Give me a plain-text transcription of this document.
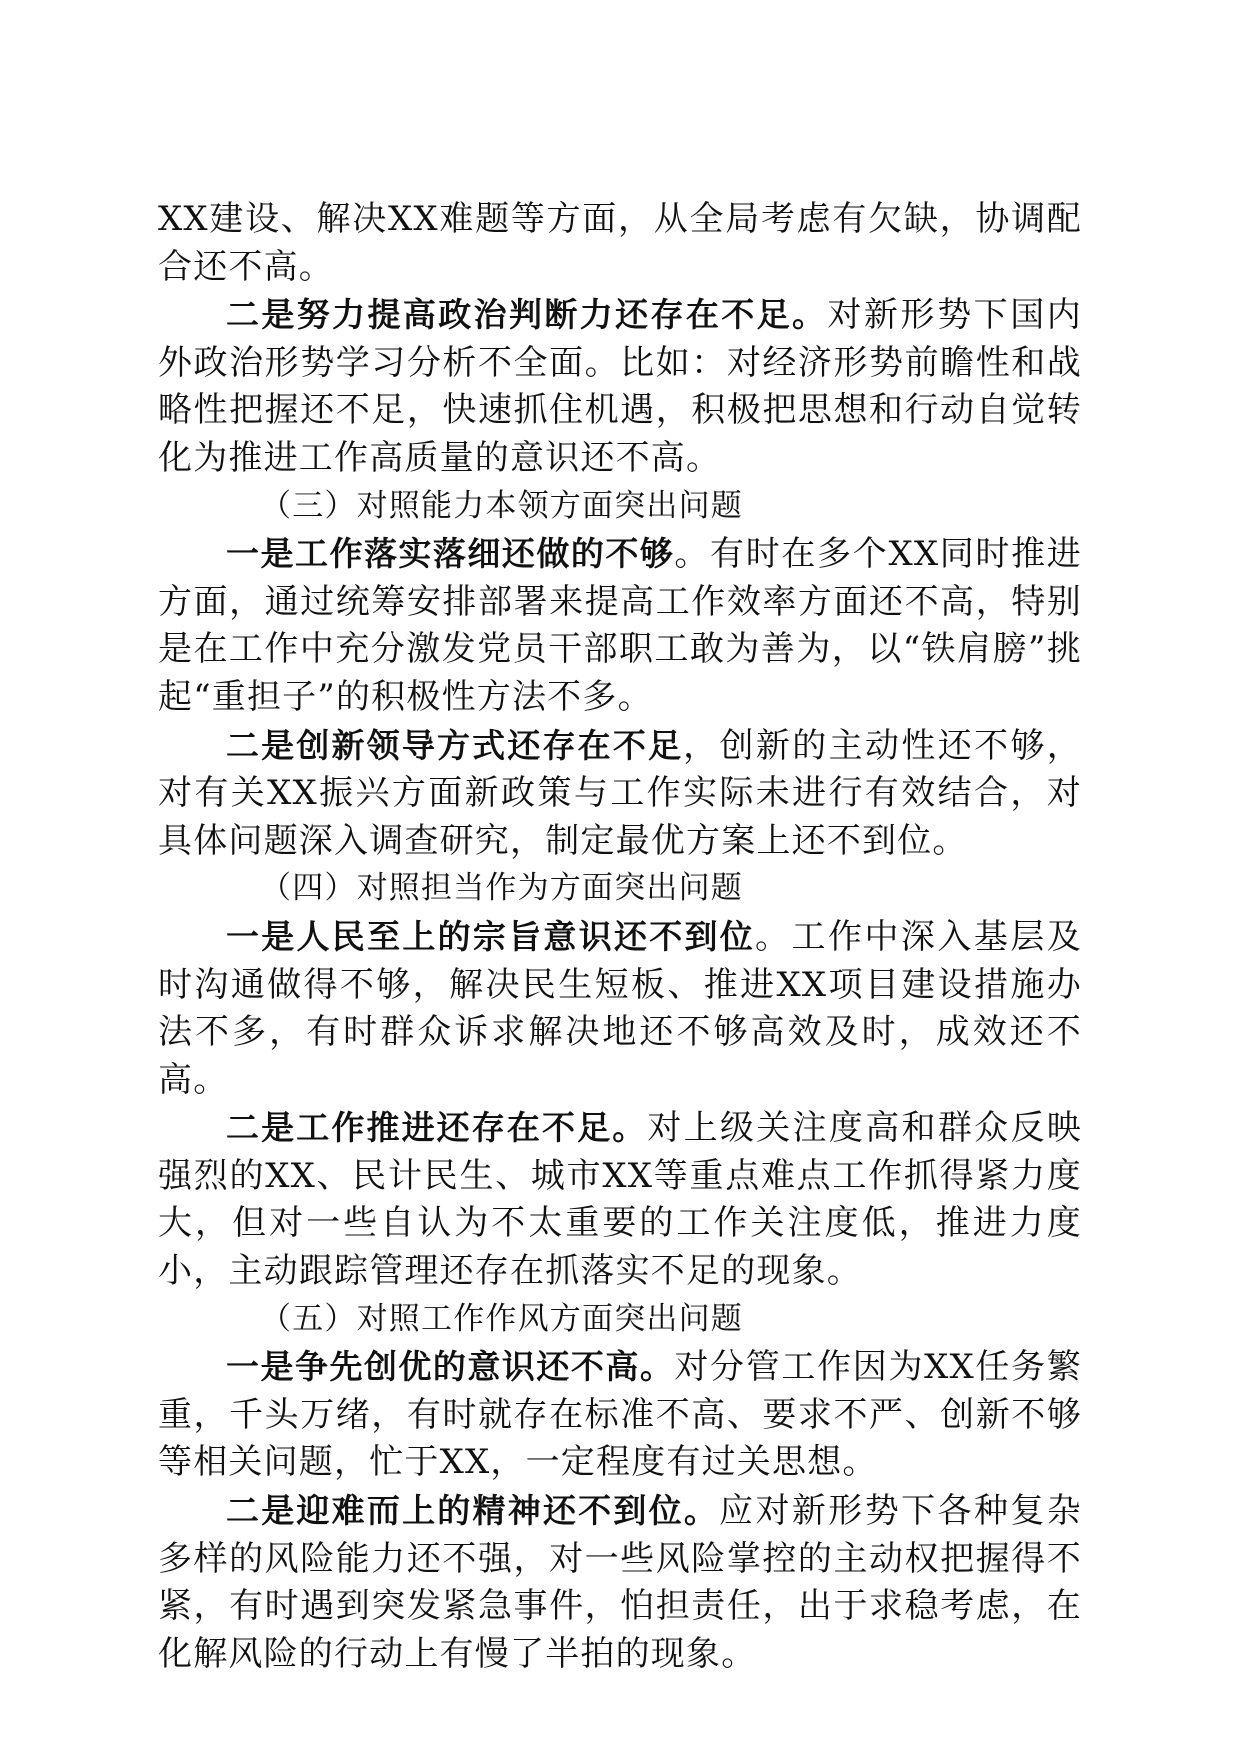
XX建设、解决XX难题等方面，从全局考虑有欠缺，协调配合还不高。

二是努力提高政治判断力还存在不足。对新形势下国内外政治形势学习分析不全面。比如：对经济形势前瞻性和战略性把握还不足，快速抓住机遇，积极把思想和行动自觉转化为推进工作高质量的意识还不高。

（三）对照能力本领方面突出问题

一是工作落实落细还做的不够。有时在多个XX同时推进方面，通过统筹安排部署来提高工作效率方面还不高，特别是在工作中充分激发党员干部职工敢为善为，以“铁肩膀”挑起“重担子”的积极性方法不多。

二是创新领导方式还存在不足，创新的主动性还不够，对有关XX振兴方面新政策与工作实际未进行有效结合，对具体问题深入调查研究，制定最优方案上还不到位。

（四）对照担当作为方面突出问题

一是人民至上的宗旨意识还不到位。工作中深入基层及时沟通做得不够，解决民生短板、推进XX项目建设措施办法不多，有时群众诉求解决地还不够高效及时，成效还不高。

二是工作推进还存在不足。对上级关注度高和群众反映强烈的XX、民计民生、城市XX等重点难点工作抓得紧力度大，但对一些自认为不太重要的工作关注度低，推进力度小，主动跟踪管理还存在抓落实不足的现象。

（五）对照工作作风方面突出问题

一是争先创优的意识还不高。对分管工作因为XX任务繁重，千头万绪，有时就存在标准不高、要求不严、创新不够等相关问题，忙于XX，一定程度有过关思想。

二是迎难而上的精神还不到位。应对新形势下各种复杂多样的风险能力还不强，对一些风险掌控的主动权把握得不紧，有时遇到突发紧急事件，怕担责任，出于求稳考虑，在化解风险的行动上有慢了半拍的现象。
